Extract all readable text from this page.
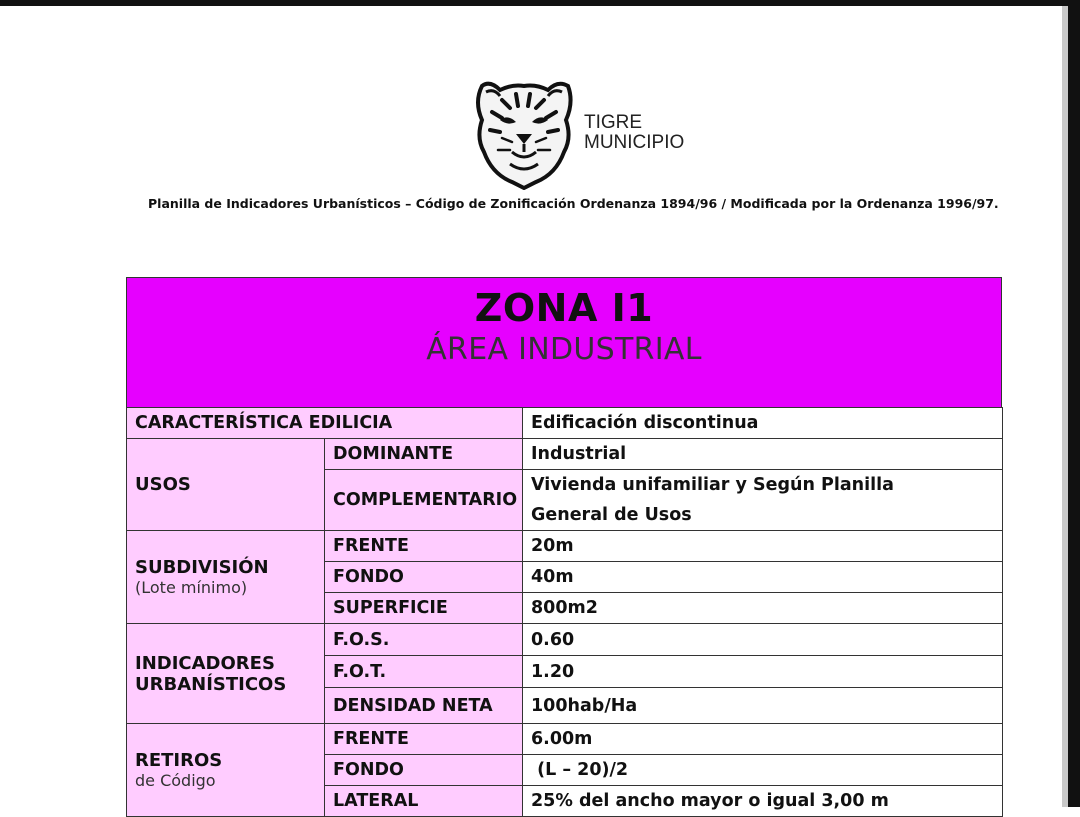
TIGRE
MUNICIPIO
Planilla de Indicadores Urbanísticos – Código de Zonificación Ordenanza 1894/96 / Modificada por la Ordenanza 1996/97.
ZONA I1
ÁREA INDUSTRIAL
CARACTERÍSTICA EDILICIA		Edificación discontinua

USOS	DOMINANTE	Industrial
	COMPLEMENTARIO	Vivienda unifamiliar y Según Planilla
General de Usos

SUBDIVISIÓN
(Lote mínimo)	FRENTE	20m
	FONDO	40m
	SUPERFICIE	800m2

INDICADORES
URBANÍSTICOS	F.O.S.	0.60
	F.O.T.	1.20
	DENSIDAD NETA	100hab/Ha

RETIROS
de Código	FRENTE	6.00m
	FONDO	(L – 20)/2
	LATERAL	25% del ancho mayor o igual 3,00 m
